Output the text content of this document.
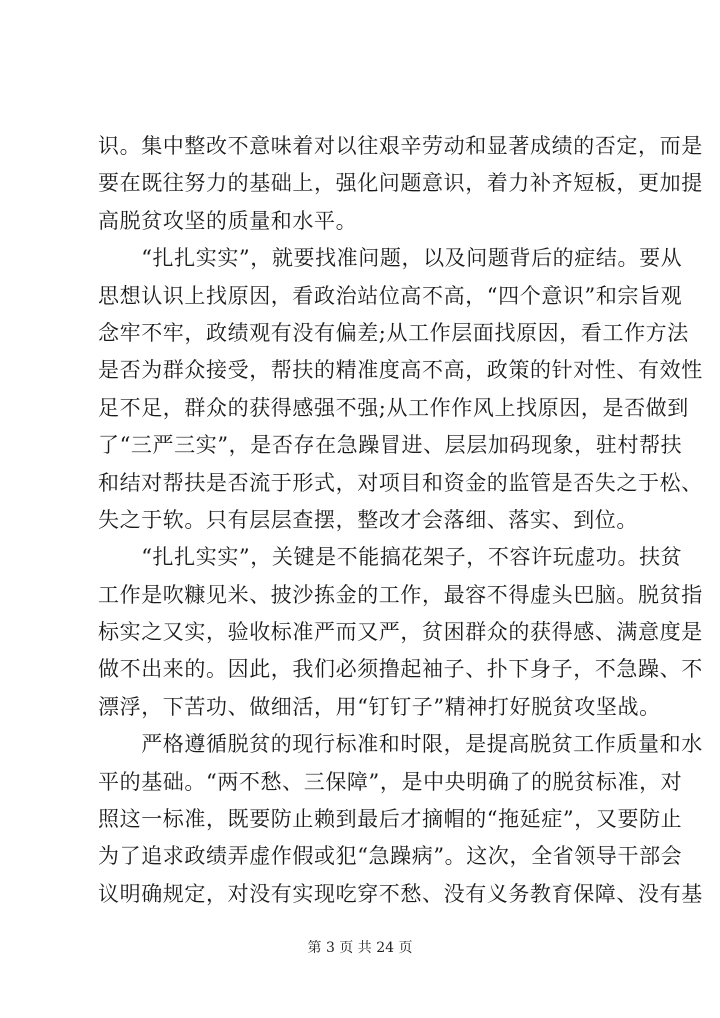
识。集中整改不意味着对以往艰辛劳动和显著成绩的否定，而是
要在既往努力的基础上，强化问题意识，着力补齐短板，更加提
高脱贫攻坚的质量和水平。
　　“扎扎实实”，就要找准问题，以及问题背后的症结。要从
思想认识上找原因，看政治站位高不高，“四个意识”和宗旨观
念牢不牢，政绩观有没有偏差;从工作层面找原因，看工作方法
是否为群众接受，帮扶的精准度高不高，政策的针对性、有效性
足不足，群众的获得感强不强;从工作作风上找原因，是否做到
了“三严三实”，是否存在急躁冒进、层层加码现象，驻村帮扶
和结对帮扶是否流于形式，对项目和资金的监管是否失之于松、
失之于软。只有层层查摆，整改才会落细、落实、到位。
　　“扎扎实实”，关键是不能搞花架子，不容许玩虚功。扶贫
工作是吹糠见米、披沙拣金的工作，最容不得虚头巴脑。脱贫指
标实之又实，验收标准严而又严，贫困群众的获得感、满意度是
做不出来的。因此，我们必须撸起袖子、扑下身子，不急躁、不
漂浮，下苦功、做细活，用“钉钉子”精神打好脱贫攻坚战。
　　严格遵循脱贫的现行标准和时限，是提高脱贫工作质量和水
平的基础。“两不愁、三保障”，是中央明确了的脱贫标准，对
照这一标准，既要防止赖到最后才摘帽的“拖延症”，又要防止
为了追求政绩弄虚作假或犯“急躁病”。这次，全省领导干部会
议明确规定，对没有实现吃穿不愁、没有义务教育保障、没有基
第 3 页 共 24 页
